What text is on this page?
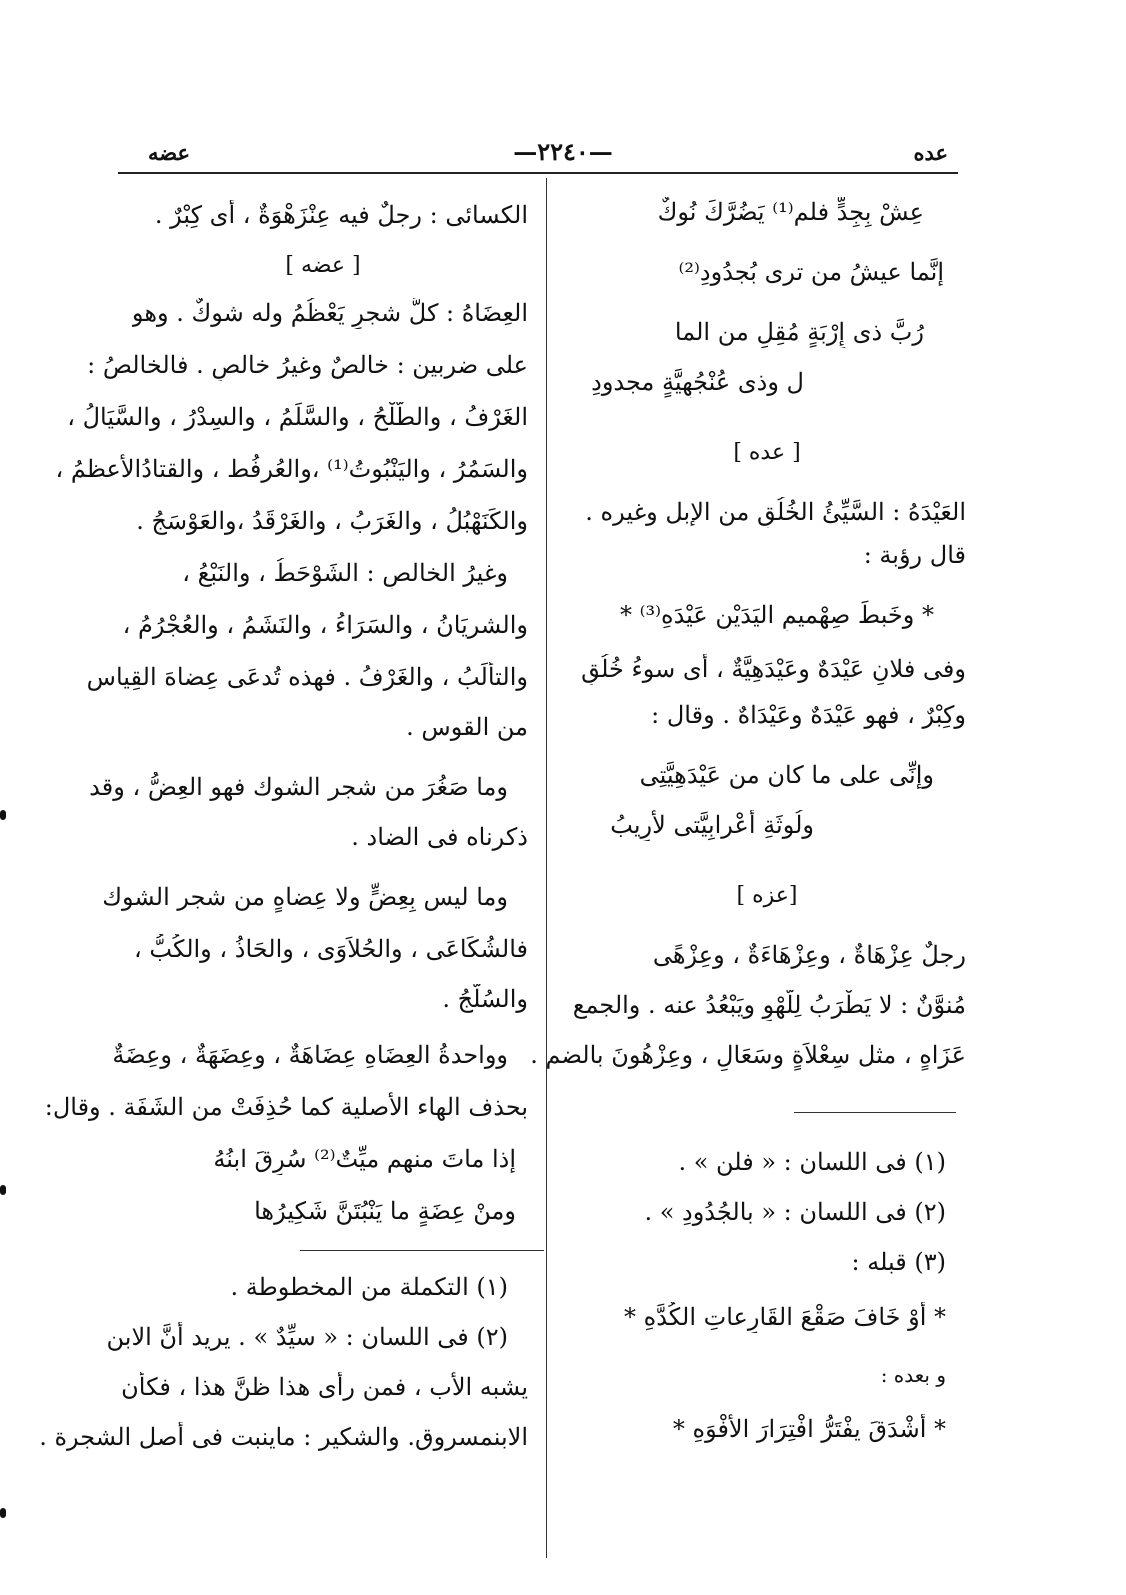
عده
—٢٢٤٠—
عضه
عِشْ بِجِدٍّ فلم⁽¹⁾ يَضُرَّكَ نُوكٌ
إنَّما عيشُ من ترى بُجدُودِ⁽²⁾
رُبَّ ذى إِرْبَةٍ مُقِلٍ من الما
ل وذى عُنْجُهِيَّةٍ مجدودِ
[ عده ]
العَيْدَهُ : السَّيِّئُ الخُلُقِ من الإبل وغيره .
قال رؤبة :
* وخَبطَ صِهْميمِ اليَدَيْنِ عَيْدَهِ⁽³⁾ *
وفى فلانٍ عَيْدَهٌ وعَيْدَهِيَّةٌ ، أى سوءُ خُلُقٍ
وكِبْرٌ ، فهو عَيْدَهٌ وعَيْدَاهٌ . وقال :
وإنِّى على ما كان من عَيْدَهِيَّتِى
ولُوثَةِ أعْرابِيَّتى لأَرِيبُ
[عزه ]
رجلٌ عِزْهَاةٌ ، وعِزْهَاءَةٌ ، وعِزْهًى
مُنوَّنٌ : لا يَطْرَبُ لِلَّهْوِ ويَبْعُدُ عنه . والجمع
عَزَاهٍ ، مثل سِعْلاَةٍ وسَعَالٍ ، وعِزْهُونَ بالضم .
(١) فى اللسان : « فلن » .
(٢) فى اللسان : « بالجُدُودِ » .
(٣) قبله :
* أوْ خَافَ صَقْعَ القَارِعاتِ الكُدَّهِ *
و بعده :
* أشْدَقَ يفْتَرُّ افْتِرَارَ الأفْوَهِ *
الكسائى : رجلٌ فيه عِنْزَهْوَةٌ ، أى كِبْرٌ .
[ عضه ]
العِضَاهُ : كلُّ شجرٍ يَعْظُمُ وله شوكٌ . وهو
على ضربين : خالصٌ وغيرُ خالصٍ . فالخالصُ :
الغَرْفُ ، والطَّلْحُ ، والسَّلَمُ ، والسِدْرُ ، والسَّيَالُ ،
والسَمُرُ ، واليَنْبُوتُ⁽¹⁾ ،والعُرفُط ، والقتادُالأعظمُ ،
والكَنَهْبُلُ ، والغَرَبُ ، والغَرْقَدُ ،والعَوْسَجُ .
وغيرُ الخالصِ : الشَوْحَطُ ، والنَبْعُ ،
والشريَانُ ، والسَرَاءُ ، والنَشَمُ ، والعُجْرُمُ ،
والتأْلَبُ ، والغَرْفُ . فهذه تُدعَى عِضاهَ القِياس
من القوس .
وما صَغُرَ من شجر الشوك فهو العِضُّ ، وقد
ذكرناه فى الضاد .
وما ليس بِعِضٍّ ولا عِضاهٍ من شجر الشوك
فالشُكَاعَى ، والحُلاَوَى ، والحَاذُ ، والكُبُّ ،
والسُلَّجُ .
وواحدةُ العِضَاهِ عِضَاهَةٌ ، وعِضَهَةٌ ، وعِضَةٌ
بحذف الهاء الأصلية كما حُذِفَتْ من الشَفَة . وقال:
إذا ماتَ منهم ميِّتٌ⁽²⁾ سُرِقَ ابنُهُ
ومنْ عِضَةٍ ما يَنْبُتَنَّ شَكِيرُها
(١) التكملة من المخطوطة .
(٢) فى اللسان : « سيِّدٌ » . يريد أنَّ الابن
يشبه الأب ، فمن رأى هذا ظنَّ هذا ، فكأن
الابنمسروق. والشكير : ماينبت فى أصل الشجرة .
